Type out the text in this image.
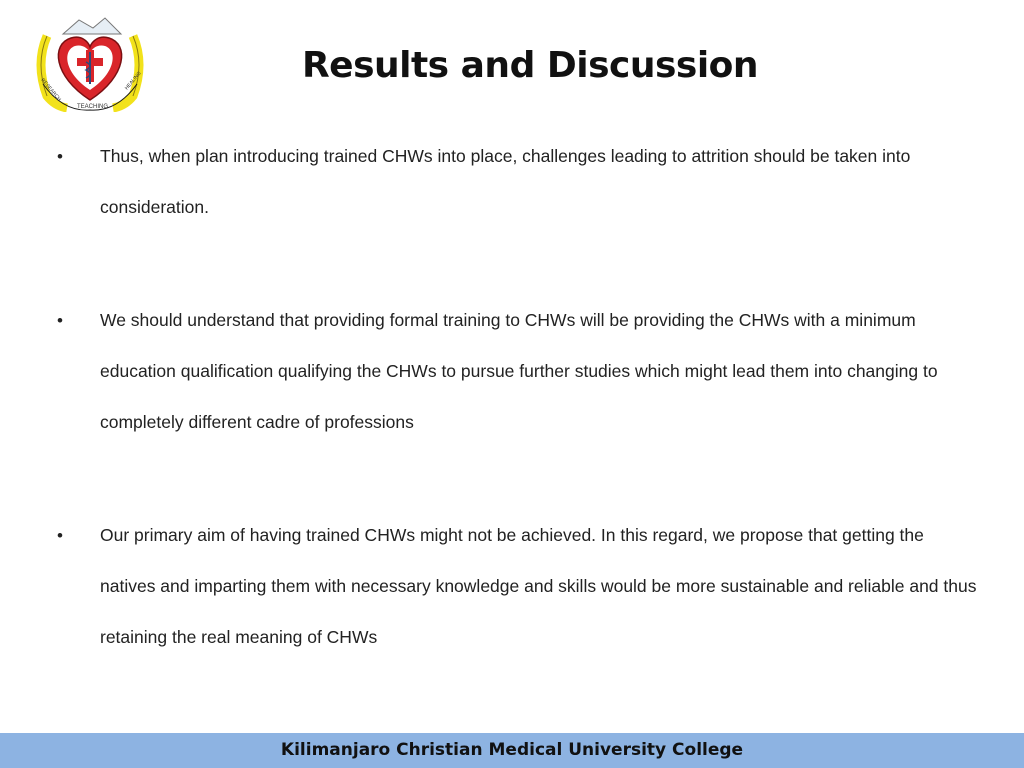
RESEARCH
TEACHING
HEALING	Results and Discussion
• Thus, when plan introducing trained CHWs into place, challenges leading to attrition should be taken into consideration.
• We should understand that providing formal training to CHWs will be providing the CHWs with a minimum education qualification qualifying the CHWs to pursue further studies which might lead them into changing to completely different cadre of professions
• Our primary aim of having trained CHWs might not be achieved. In this regard, we propose that getting the natives and imparting them with necessary knowledge and skills would be more sustainable and reliable and thus retaining the real meaning of CHWs
Kilimanjaro Christian Medical University College
